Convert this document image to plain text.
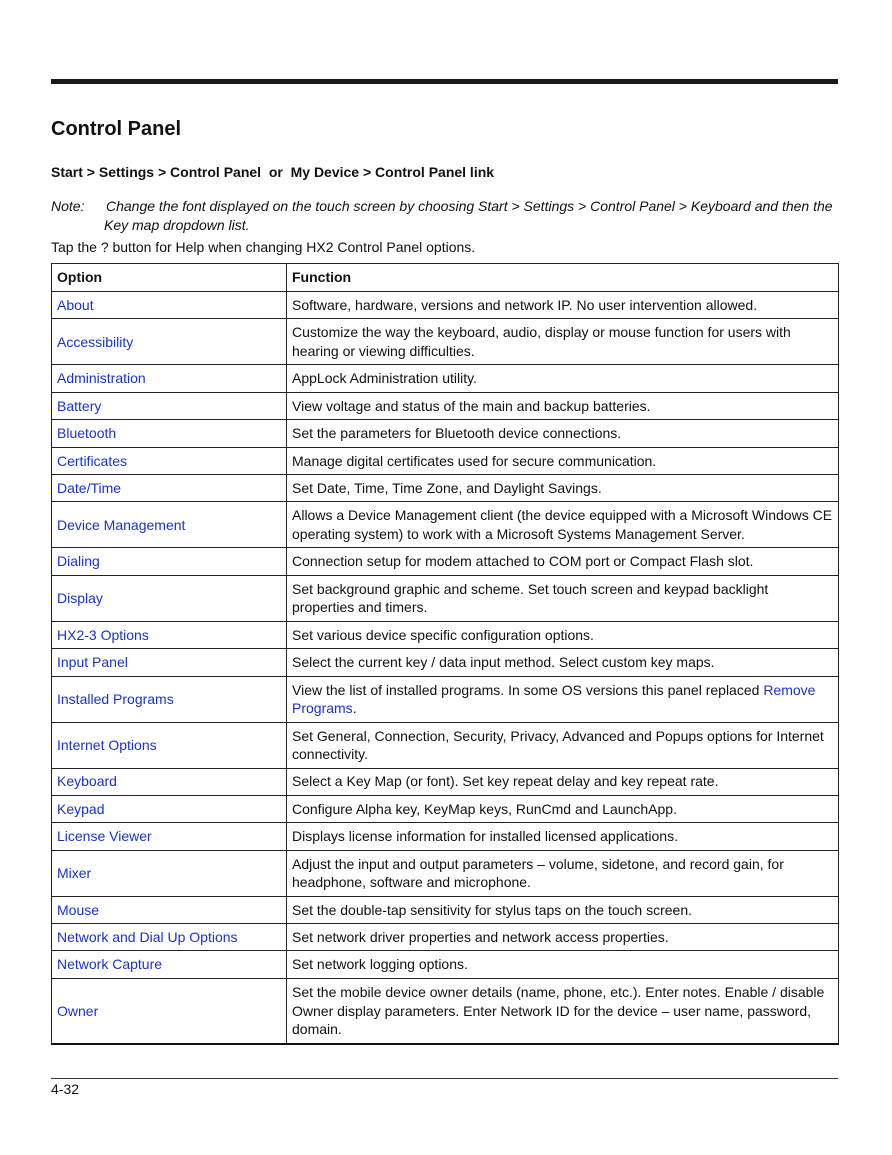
Control Panel
Start > Settings > Control Panel  or  My Device > Control Panel link
Note: Change the font displayed on the touch screen by choosing Start > Settings > Control Panel > Keyboard and then the
Key map dropdown list.
Tap the ? button for Help when changing HX2 Control Panel options.
Option	Function
About	Software, hardware, versions and network IP. No user intervention allowed.
Accessibility	Customize the way the keyboard, audio, display or mouse function for users with hearing or viewing difficulties.
Administration	AppLock Administration utility.
Battery	View voltage and status of the main and backup batteries.
Bluetooth	Set the parameters for Bluetooth device connections.
Certificates	Manage digital certificates used for secure communication.
Date/Time	Set Date, Time, Time Zone, and Daylight Savings.
Device Management	Allows a Device Management client (the device equipped with a Microsoft Windows CE operating system) to work with a Microsoft Systems Management Server.
Dialing	Connection setup for modem attached to COM port or Compact Flash slot.
Display	Set background graphic and scheme. Set touch screen and keypad backlight properties and timers.
HX2-3 Options	Set various device specific configuration options.
Input Panel	Select the current key / data input method. Select custom key maps.
Installed Programs	View the list of installed programs. In some OS versions this panel replaced Remove Programs.
Internet Options	Set General, Connection, Security, Privacy, Advanced and Popups options for Internet connectivity.
Keyboard	Select a Key Map (or font). Set key repeat delay and key repeat rate.
Keypad	Configure Alpha key, KeyMap keys, RunCmd and LaunchApp.
License Viewer	Displays license information for installed licensed applications.
Mixer	Adjust the input and output parameters – volume, sidetone, and record gain, for headphone, software and microphone.
Mouse	Set the double-tap sensitivity for stylus taps on the touch screen.
Network and Dial Up Options	Set network driver properties and network access properties.
Network Capture	Set network logging options.
Owner	Set the mobile device owner details (name, phone, etc.). Enter notes. Enable / disable Owner display parameters. Enter Network ID for the device – user name, password, domain.
4-32
